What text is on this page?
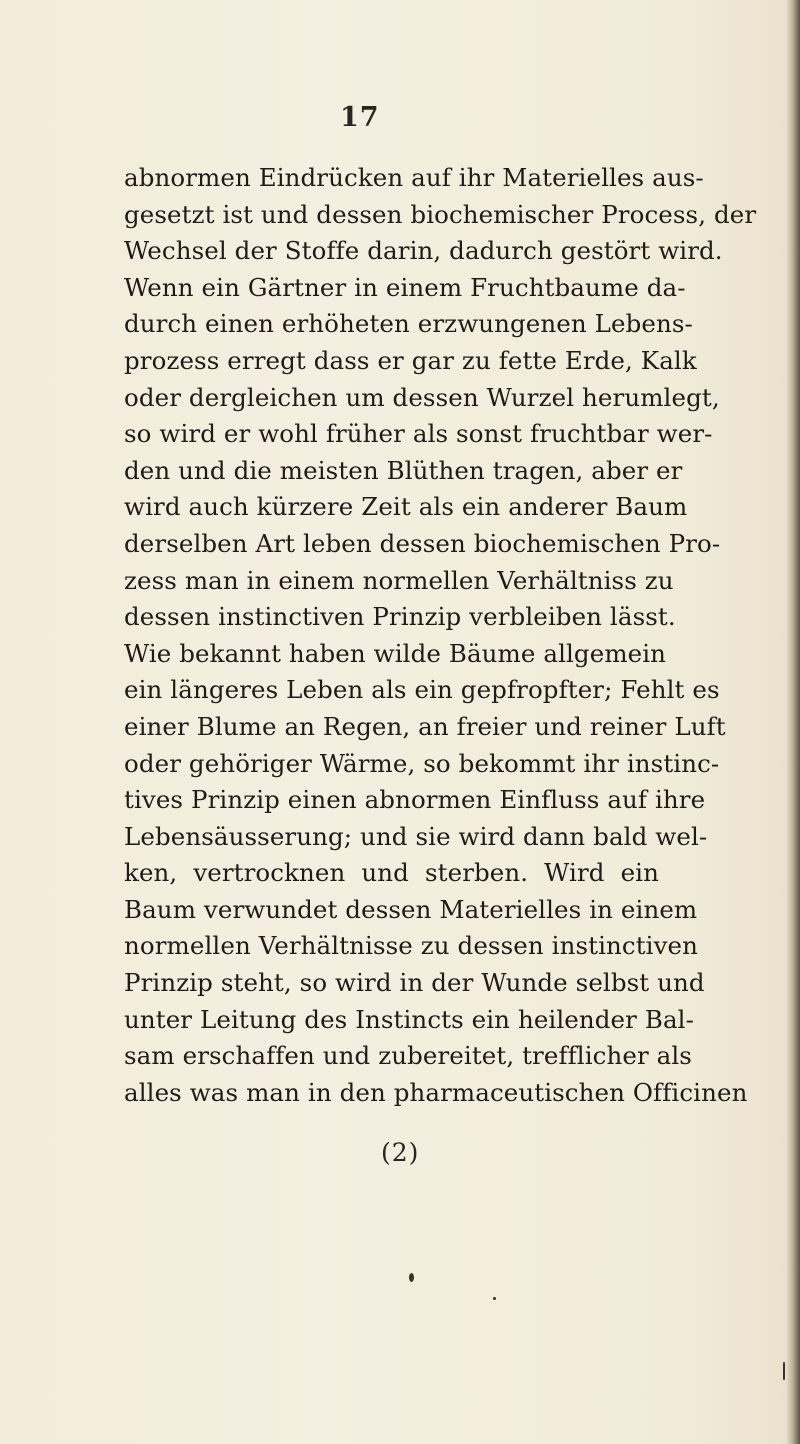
17
abnormen Eindrücken auf ihr Materielles aus-
gesetzt ist und dessen biochemischer Process, der
Wechsel der Stoffe darin, dadurch gestört wird.
Wenn ein Gärtner in einem Fruchtbaume da-
durch einen erhöheten erzwungenen Lebens-
prozess erregt dass er gar zu fette Erde, Kalk
oder dergleichen um dessen Wurzel herumlegt,
so wird er wohl früher als sonst fruchtbar wer-
den und die meisten Blüthen tragen, aber er
wird auch kürzere Zeit als ein anderer Baum
derselben Art leben dessen biochemischen Pro-
zess man in einem normellen Verhältniss zu
dessen instinctiven Prinzip verbleiben lässt.
Wie bekannt haben wilde Bäume allgemein
ein längeres Leben als ein gepfropfter; Fehlt es
einer Blume an Regen, an freier und reiner Luft
oder gehöriger Wärme, so bekommt ihr instinc-
tives Prinzip einen abnormen Einfluss auf ihre
Lebensäusserung; und sie wird dann bald wel-
ken, vertrocknen und sterben. Wird ein
Baum verwundet dessen Materielles in einem
normellen Verhältnisse zu dessen instinctiven
Prinzip steht, so wird in der Wunde selbst und
unter Leitung des Instincts ein heilender Bal-
sam erschaffen und zubereitet, trefflicher als
alles was man in den pharmaceutischen Officinen
(2)
